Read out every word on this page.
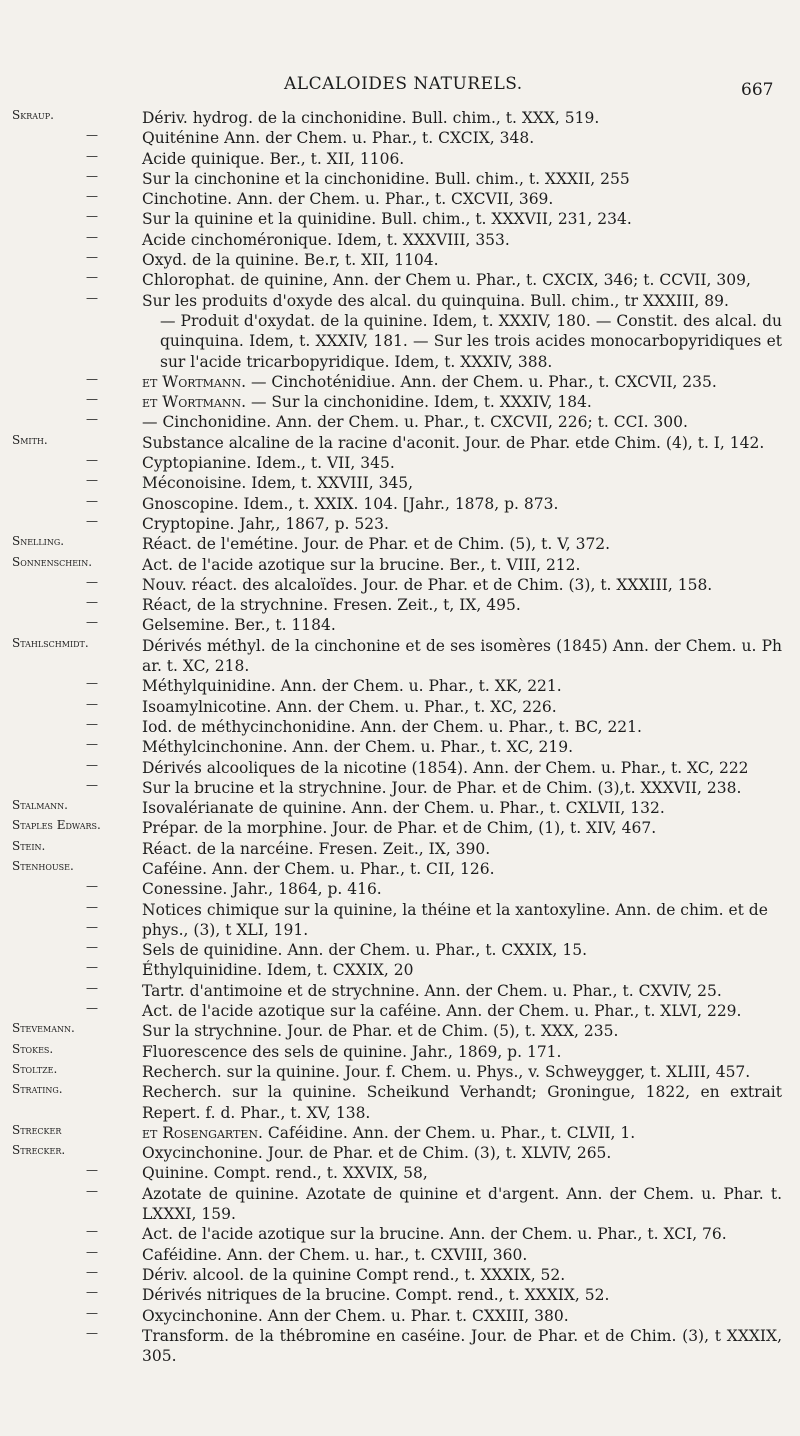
ALCALOIDES NATURELS.	667
Skraup.	Dériv. hydrog. de la cinchonidine. Bull. chim., t. XXX, 519.
—	Quiténine Ann. der Chem. u. Phar., t. CXCIX, 348.
—	Acide quinique. Ber., t. XII, 1106.
—	Sur la cinchonine et la cinchonidine. Bull. chim., t. XXXII, 255
—	Cinchotine. Ann. der Chem. u. Phar., t. CXCVII, 369.
—	Sur la quinine et la quinidine. Bull. chim., t. XXXVII, 231, 234.
—	Acide cinchoméronique. Idem, t. XXXVIII, 353.
—	Oxyd. de la quinine. Be.r, t. XII, 1104.
—	Chlorophat. de quinine, Ann. der Chem u. Phar., t. CXCIX, 346; t. CCVII, 309,
—	Sur les produits d'oxyde des alcal. du quinquina. Bull. chim., tr XXXIII, 89.
— Produit d'oxydat. de la quinine. Idem, t. XXXIV, 180. — Constit. des alcal. du quinquina. Idem, t. XXXIV, 181. — Sur les trois acides monocarbopyridiques et sur l'acide tricarbopyridique. Idem, t. XXXIV, 388.
—	et Wortmann. — Cinchoténidiue. Ann. der Chem. u. Phar., t. CXCVII, 235.
—	et Wortmann. — Sur la cinchonidine. Idem, t. XXXIV, 184.
—	— Cinchonidine. Ann. der Chem. u. Phar., t. CXCVII, 226; t. CCI. 300.
Smith.	Substance alcaline de la racine d'aconit. Jour. de Phar. etde Chim. (4), t. I, 142.
—	Cyptopianine. Idem., t. VII, 345.
—	Méconoisine. Idem, t. XXVIII, 345,
—	Gnoscopine. Idem., t. XXIX. 104. [Jahr., 1878, p. 873.
—	Cryptopine. Jahr,, 1867, p. 523.
Snelling.	Réact. de l'emétine. Jour. de Phar. et de Chim. (5), t. V, 372.
Sonnenschein.	Act. de l'acide azotique sur la brucine. Ber., t. VIII, 212.
—	Nouv. réact. des alcaloïdes. Jour. de Phar. et de Chim. (3), t. XXXIII, 158.
—	Réact, de la strychnine. Fresen. Zeit., t, IX, 495.
—	Gelsemine. Ber., t. 1184.
Stahlschmidt.	Dérivés méthyl. de la cinchonine et de ses isomères (1845) Ann. der Chem. u. Ph ar. t. XC, 218.
—	Méthylquinidine. Ann. der Chem. u. Phar., t. XK, 221.
—	Isoamylnicotine. Ann. der Chem. u. Phar., t. XC, 226.
—	Iod. de méthycinchonidine. Ann. der Chem. u. Phar., t. BC, 221.
—	Méthylcinchonine. Ann. der Chem. u. Phar., t. XC, 219.
—	Dérivés alcooliques de la nicotine (1854). Ann. der Chem. u. Phar., t. XC, 222
—	Sur la brucine et la strychnine. Jour. de Phar. et de Chim. (3),t. XXXVII, 238.
Stalmann.	Isovalérianate de quinine. Ann. der Chem. u. Phar., t. CXLVII, 132.
Staples Edwars.	Prépar. de la morphine. Jour. de Phar. et de Chim, (1), t. XIV, 467.
Stein.	Réact. de la narcéine. Fresen. Zeit., IX, 390.
Stenhouse.	Caféine. Ann. der Chem. u. Phar., t. CII, 126.
—	Conessine. Jahr., 1864, p. 416.
—	Notices chimique sur la quinine, la théine et la xantoxyline. Ann. de chim. et de
—	phys., (3), t XLI, 191.
—	Sels de quinidine. Ann. der Chem. u. Phar., t. CXXIX, 15.
—	Éthylquinidine. Idem, t. CXXIX, 20
—	Tartr. d'antimoine et de strychnine. Ann. der Chem. u. Phar., t. CXVIV, 25.
—	Act. de l'acide azotique sur la caféine. Ann. der Chem. u. Phar., t. XLVI, 229.
Stevemann.	Sur la strychnine. Jour. de Phar. et de Chim. (5), t. XXX, 235.
Stokes.	Fluorescence des sels de quinine. Jahr., 1869, p. 171.
Stoltze.	Recherch. sur la quinine. Jour. f. Chem. u. Phys., v. Schweygger, t. XLIII, 457.
Strating.	Recherch. sur la quinine. Scheikund Verhandt; Groningue, 1822, en extrait Repert. f. d. Phar., t. XV, 138.
Strecker	et Rosengarten. Caféidine. Ann. der Chem. u. Phar., t. CLVII, 1.
Strecker.	Oxycinchonine. Jour. de Phar. et de Chim. (3), t. XLVIV, 265.
—	Quinine. Compt. rend., t. XXVIX, 58,
—	Azotate de quinine. Azotate de quinine et d'argent. Ann. der Chem. u. Phar. t. LXXXI, 159.
—	Act. de l'acide azotique sur la brucine. Ann. der Chem. u. Phar., t. XCI, 76.
—	Caféidine. Ann. der Chem. u. har., t. CXVIII, 360.
—	Dériv. alcool. de la quinine Compt rend., t. XXXIX, 52.
—	Dérivés nitriques de la brucine. Compt. rend., t. XXXIX, 52.
—	Oxycinchonine. Ann der Chem. u. Phar. t. CXXIII, 380.
—	Transform. de la thébromine en caséine. Jour. de Phar. et de Chim. (3), t XXXIX, 305.
